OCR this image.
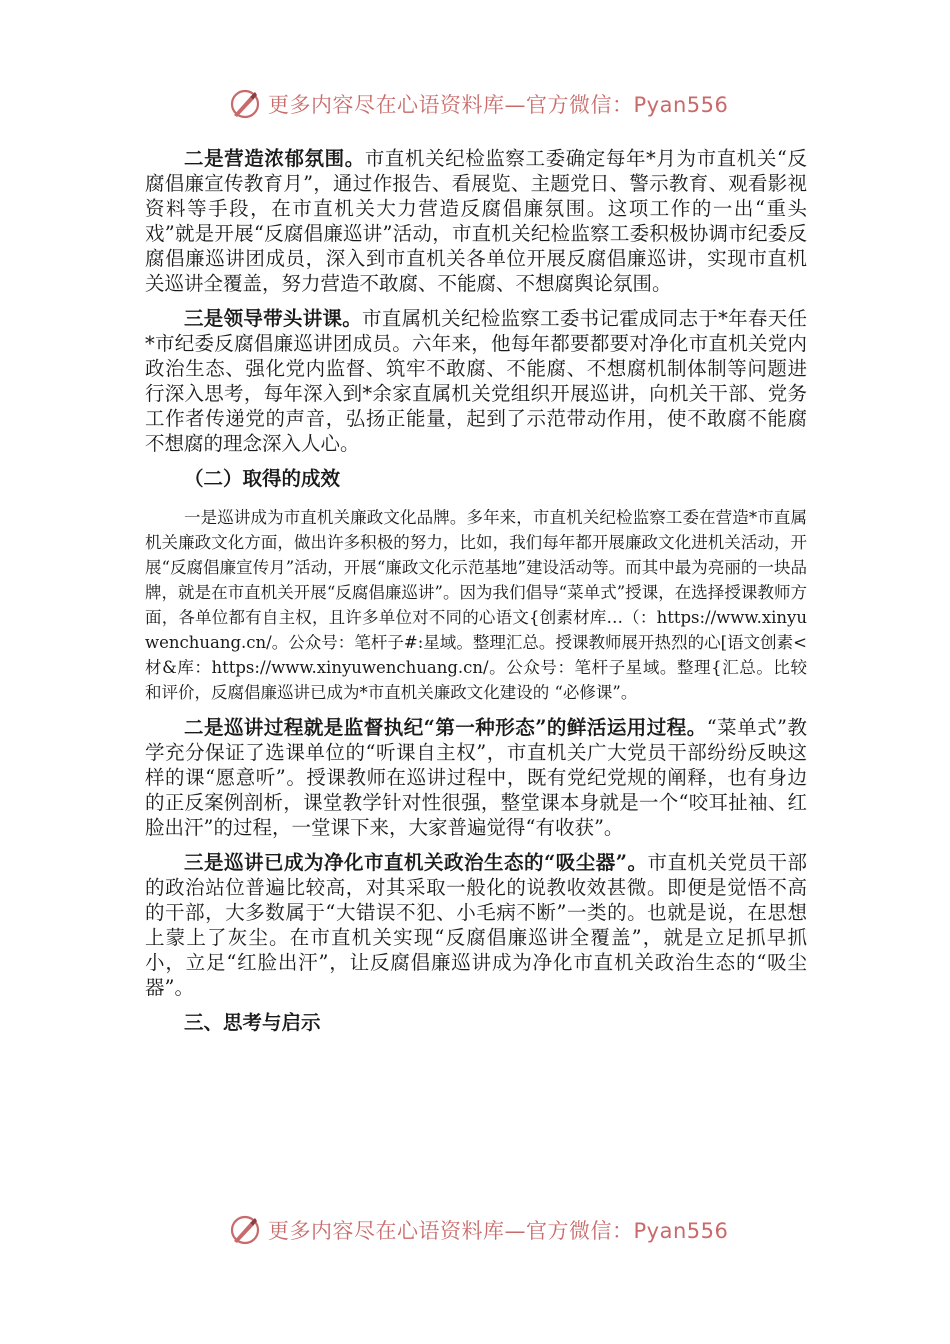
更多内容尽在心语资料库—官方微信：Pyan556

二是营造浓郁氛围。市直机关纪检监察工委确定每年*月为市直机关“反腐倡廉宣传教育月”，通过作报告、看展览、主题党日、警示教育、观看影视资料等手段，在市直机关大力营造反腐倡廉氛围。这项工作的一出“重头戏”就是开展“反腐倡廉巡讲”活动，市直机关纪检监察工委积极协调市纪委反腐倡廉巡讲团成员，深入到市直机关各单位开展反腐倡廉巡讲，实现市直机关巡讲全覆盖，努力营造不敢腐、不能腐、不想腐舆论氛围。

三是领导带头讲课。市直属机关纪检监察工委书记霍成同志于*年春天任*市纪委反腐倡廉巡讲团成员。六年来，他每年都要都要对净化市直机关党内政治生态、强化党内监督、筑牢不敢腐、不能腐、不想腐机制体制等问题进行深入思考，每年深入到*余家直属机关党组织开展巡讲，向机关干部、党务工作者传递党的声音，弘扬正能量，起到了示范带动作用，使不敢腐不能腐不想腐的理念深入人心。

（二）取得的成效

一是巡讲成为市直机关廉政文化品牌。多年来，市直机关纪检监察工委在营造*市直属机关廉政文化方面，做出许多积极的努力，比如，我们每年都开展廉政文化进机关活动，开展“反腐倡廉宣传月”活动，开展“廉政文化示范基地”建设活动等。而其中最为亮丽的一块品牌，就是在市直机关开展“反腐倡廉巡讲”。因为我们倡导“菜单式”授课，在选择授课教师方面，各单位都有自主权，且许多单位对不同的心语文{创素材库…（：https://www.xinyuwenchuang.cn/。公众号：笔杆子#:星域。整理汇总。授课教师展开热烈的心[语文创素<材&库：https://www.xinyuwenchuang.cn/。公众号：笔杆子星域。整理{汇总。比较和评价，反腐倡廉巡讲已成为*市直机关廉政文化建设的 “必修课”。

二是巡讲过程就是监督执纪“第一种形态”的鲜活运用过程。“菜单式”教学充分保证了选课单位的“听课自主权”，市直机关广大党员干部纷纷反映这样的课“愿意听”。授课教师在巡讲过程中，既有党纪党规的阐释，也有身边的正反案例剖析，课堂教学针对性很强，整堂课本身就是一个“咬耳扯袖、红脸出汗”的过程，一堂课下来，大家普遍觉得“有收获”。

三是巡讲已成为净化市直机关政治生态的“吸尘器”。市直机关党员干部的政治站位普遍比较高，对其采取一般化的说教收效甚微。即便是觉悟不高的干部，大多数属于“大错误不犯、小毛病不断”一类的。也就是说，在思想上蒙上了灰尘。在市直机关实现“反腐倡廉巡讲全覆盖”，就是立足抓早抓小，立足“红脸出汗”，让反腐倡廉巡讲成为净化市直机关政治生态的“吸尘器”。

三、思考与启示
更多内容尽在心语资料库—官方微信：Pyan556
